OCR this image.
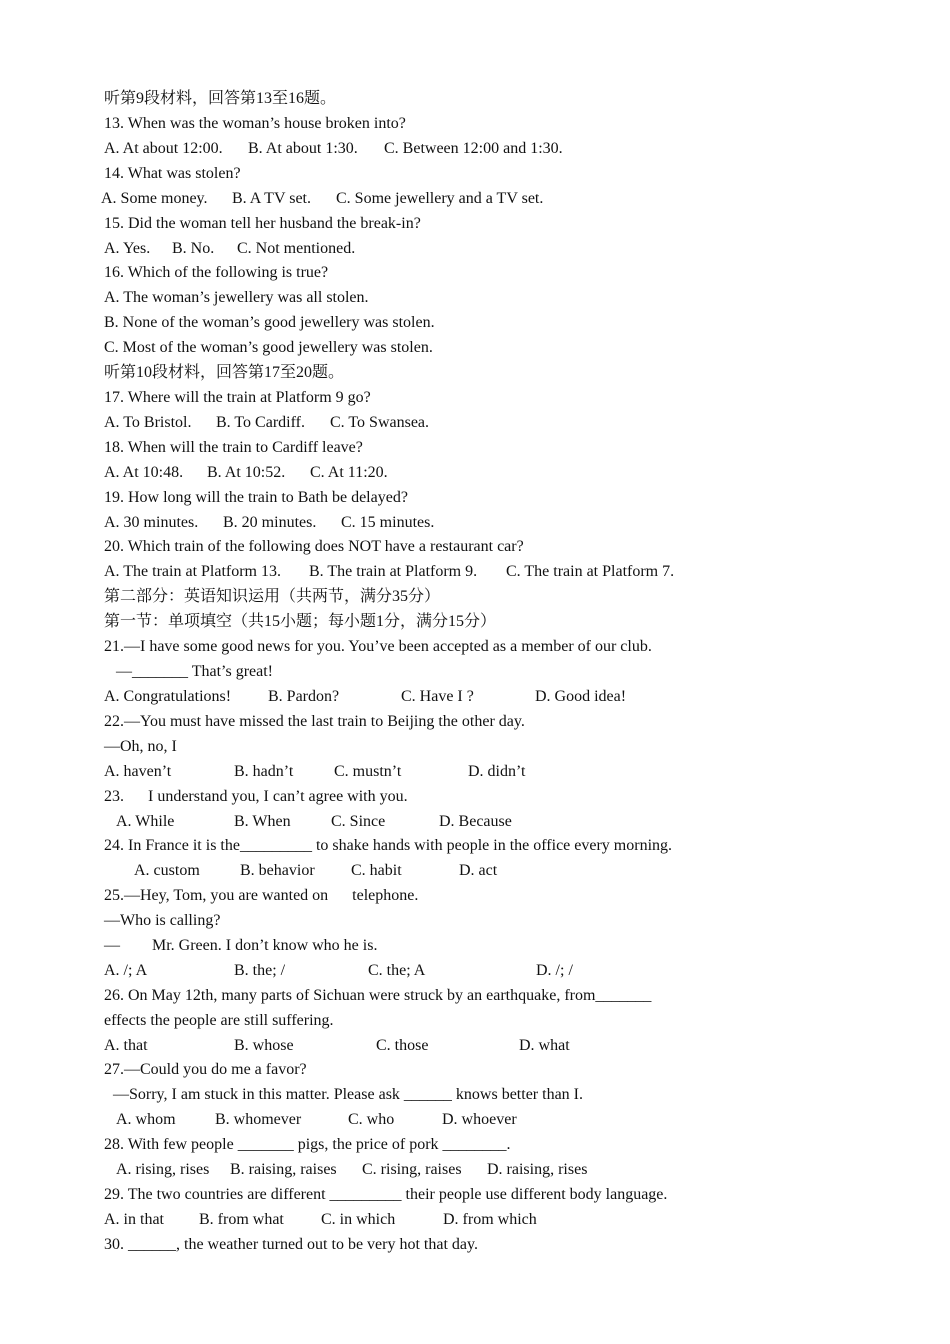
听第9段材料，回答第13至16题。
13. When was the woman’s house broken into?
A. At about 12:00. B. At about 1:30. C. Between 12:00 and 1:30.
14. What was stolen?
A. Some money. B. A TV set. C. Some jewellery and a TV set.
15. Did the woman tell her husband the break-in?
A. Yes. B. No. C. Not mentioned.
16. Which of the following is true?
A. The woman’s jewellery was all stolen.
B. None of the woman’s good jewellery was stolen.
C. Most of the woman’s good jewellery was stolen.
听第10段材料，回答第17至20题。
17. Where will the train at Platform 9 go?
A. To Bristol. B. To Cardiff. C. To Swansea.
18. When will the train to Cardiff leave?
A. At 10:48. B. At 10:52. C. At 11:20.
19. How long will the train to Bath be delayed?
A. 30 minutes. B. 20 minutes. C. 15 minutes.
20. Which train of the following does NOT have a restaurant car?
A. The train at Platform 13. B. The train at Platform 9. C. The train at Platform 7.
第二部分：英语知识运用（共两节，满分35分）
第一节：单项填空（共15小题；每小题1分，满分15分）
21.—I have some good news for you. You’ve been accepted as a member of our club.
—_______ That’s great!
A. Congratulations! B. Pardon?	C. Have I ?	D. Good idea!
22.—You must have missed the last train to Beijing the other day.
—Oh, no, I
A. haven’t	B. hadn’t	C. mustn’t	D. didn’t
23.      I understand you, I can’t agree with you.
A. While	B. When	C. Since	D. Because
24. In France it is the_________ to shake hands with people in the office every morning.
A. custom	B. behavior C. habit	D. act
25.—Hey, Tom, you are wanted on      telephone.
—Who is calling?
—        Mr. Green. I don’t know who he is.
A. /; A	B. the; /	C. the; A	D. /; /
26. On May 12th, many parts of Sichuan were struck by an earthquake, from_______
effects the people are still suffering.
A. that	B. whose	C. those	D. what
27.—Could you do me a favor?
—Sorry, I am stuck in this matter. Please ask ______ knows better than I.
A. whom B. whomever	C. who	D. whoever
28. With few people _______ pigs, the price of pork ________.
A. rising, rises B. raising, raises C. rising, raises D. raising, rises
29. The two countries are different _________ their people use different body language.
A. in that B. from what C. in which	D. from which
30. ______, the weather turned out to be very hot that day.
